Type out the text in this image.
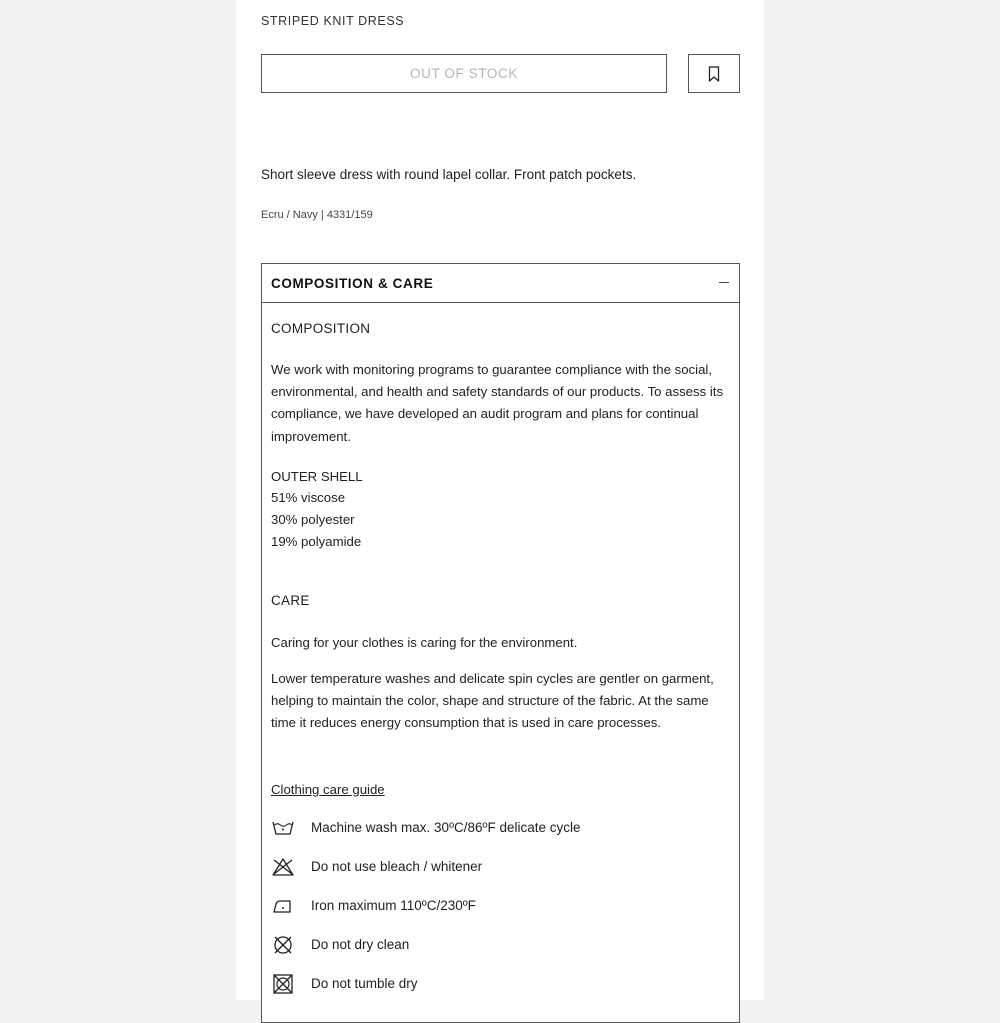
STRIPED KNIT DRESS
OUT OF STOCK
Short sleeve dress with round lapel collar. Front patch pockets.
Ecru / Navy | 4331/159
COMPOSITION & CARE
COMPOSITION
We work with monitoring programs to guarantee compliance with the social, environmental, and health and safety standards of our products. To assess its compliance, we have developed an audit program and plans for continual improvement.
OUTER SHELL
51% viscose
30% polyester
19% polyamide
CARE
Caring for your clothes is caring for the environment.
Lower temperature washes and delicate spin cycles are gentler on garment, helping to maintain the color, shape and structure of the fabric. At the same time it reduces energy consumption that is used in care processes.
Clothing care guide
Machine wash max. 30ºC/86ºF delicate cycle
Do not use bleach / whitener
Iron maximum 110ºC/230ºF
Do not dry clean
Do not tumble dry
